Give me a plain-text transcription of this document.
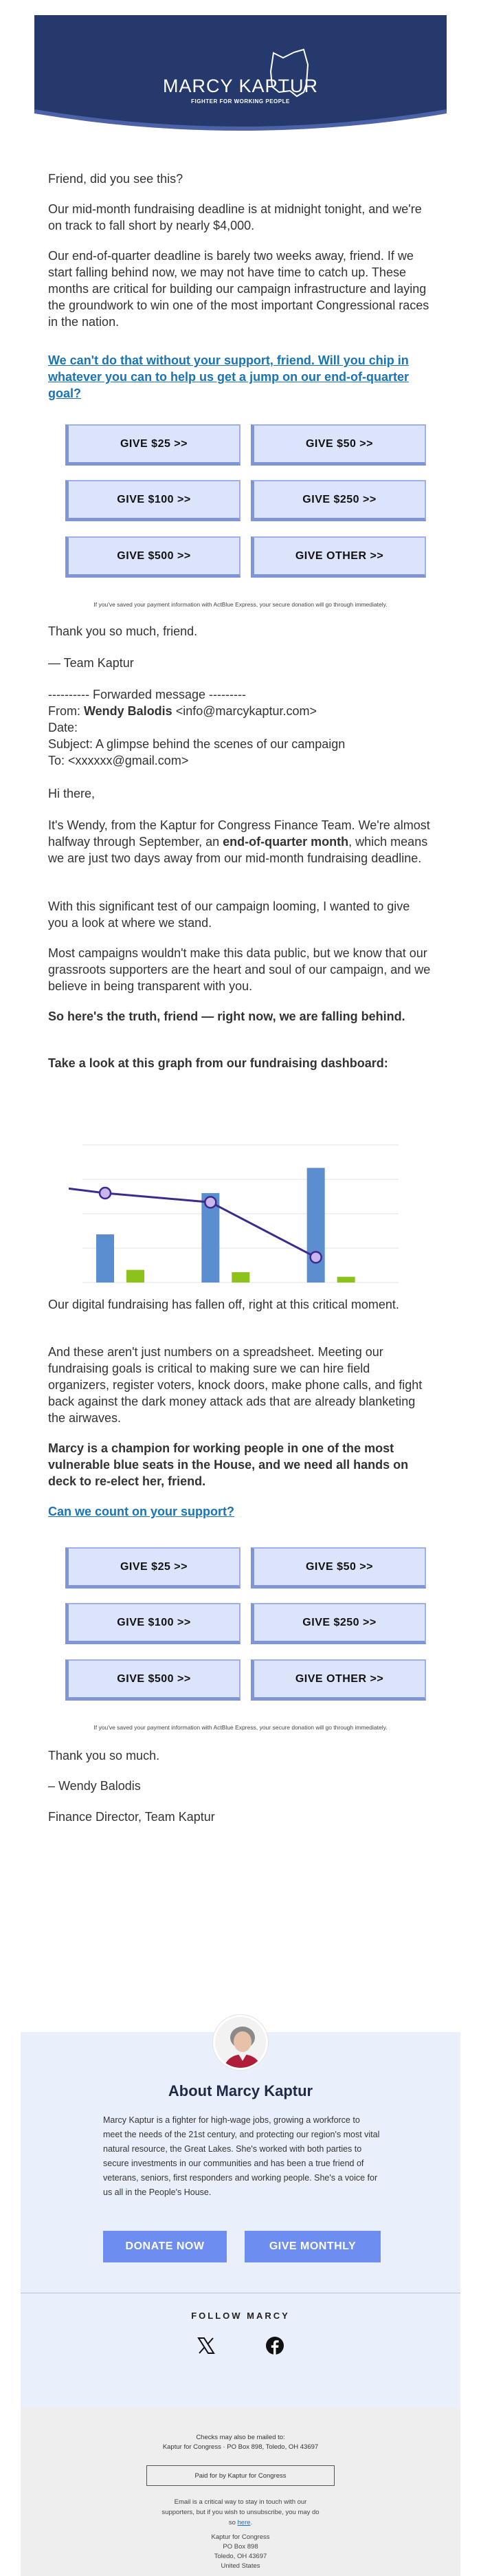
MARCY KAPTUR
FIGHTER FOR WORKING PEOPLE
Friend, did you see this?
Our mid-month fundraising deadline is at midnight tonight, and we're on track to fall short by nearly $4,000.
Our end-of-quarter deadline is barely two weeks away, friend. If we start falling behind now, we may not have time to catch up. These months are critical for building our campaign infrastructure and laying the groundwork to win one of the most important Congressional races in the nation.
We can't do that without your support, friend. Will you chip in whatever you can to help us get a jump on our end-of-quarter goal?
GIVE $25 >>	GIVE $50 >>
GIVE $100 >>	GIVE $250 >>
GIVE $500 >>	GIVE OTHER >>
If you've saved your payment information with ActBlue Express, your secure donation will go through immediately.
Thank you so much, friend.
— Team Kaptur
---------- Forwarded message ---------
From: Wendy Balodis <info@marcykaptur.com>
Date:
Subject: A glimpse behind the scenes of our campaign
To: <xxxxxx@gmail.com>
Hi there,
It's Wendy, from the Kaptur for Congress Finance Team. We're almost halfway through September, an end-of-quarter month, which means we are just two days away from our mid-month fundraising deadline.
With this significant test of our campaign looming, I wanted to give you a look at where we stand.
Most campaigns wouldn't make this data public, but we know that our grassroots supporters are the heart and soul of our campaign, and we believe in being transparent with you.
So here's the truth, friend — right now, we are falling behind.
Take a look at this graph from our fundraising dashboard:
Our digital fundraising has fallen off, right at this critical moment.
And these aren't just numbers on a spreadsheet. Meeting our fundraising goals is critical to making sure we can hire field organizers, register voters, knock doors, make phone calls, and fight back against the dark money attack ads that are already blanketing the airwaves.
Marcy is a champion for working people in one of the most vulnerable blue seats in the House, and we need all hands on deck to re-elect her, friend.
Can we count on your support?
GIVE $25 >>	GIVE $50 >>
GIVE $100 >>	GIVE $250 >>
GIVE $500 >>	GIVE OTHER >>
If you've saved your payment information with ActBlue Express, your secure donation will go through immediately.
Thank you so much.
– Wendy Balodis
Finance Director, Team Kaptur
About Marcy Kaptur
Marcy Kaptur is a fighter for high-wage jobs, growing a workforce to meet the needs of the 21st century, and protecting our region's most vital natural resource, the Great Lakes. She's worked with both parties to secure investments in our communities and has been a true friend of veterans, seniors, first responders and working people. She's a voice for us all in the People's House.
DONATE NOW	GIVE MONTHLY
FOLLOW MARCY
Checks may also be mailed to:
Kaptur for Congress · PO Box 898, Toledo, OH 43697
Paid for by Kaptur for Congress
Email is a critical way to stay in touch with our
supporters, but if you wish to unsubscribe, you may do
so here.
Kaptur for Congress
PO Box 898
Toledo, OH 43697
United States
